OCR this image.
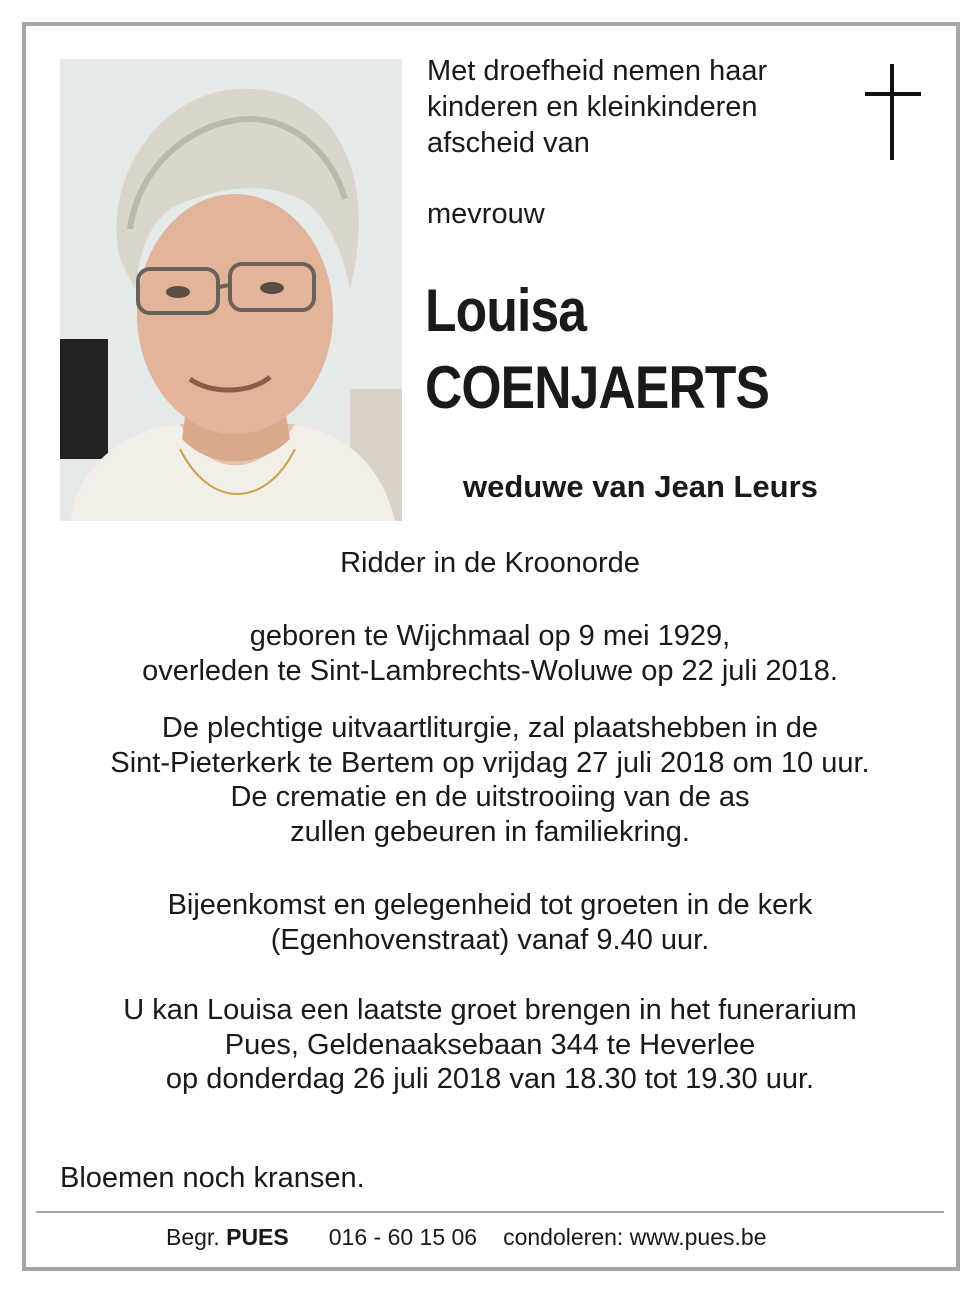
Met droefheid nemen haar
kinderen en kleinkinderen
afscheid van
mevrouw
Louisa
COENJAERTS
weduwe van Jean Leurs
Ridder in de Kroonorde
geboren te Wijchmaal op 9 mei 1929,
overleden te Sint-Lambrechts-Woluwe op 22 juli 2018.
De plechtige uitvaartliturgie, zal plaatshebben in de
Sint-Pieterkerk te Bertem op vrijdag 27 juli 2018 om 10 uur.
De crematie en de uitstrooiing van de as
zullen gebeuren in familiekring.
Bijeenkomst en gelegenheid tot groeten in de kerk
(Egenhovenstraat) vanaf 9.40 uur.
U kan Louisa een laatste groet brengen in het funerarium
Pues, Geldenaaksebaan 344 te Heverlee
op donderdag 26 juli 2018 van 18.30 tot 19.30 uur.
Bloemen noch kransen.
Begr. PUES 016 - 60 15 06 condoleren: www.pues.be
